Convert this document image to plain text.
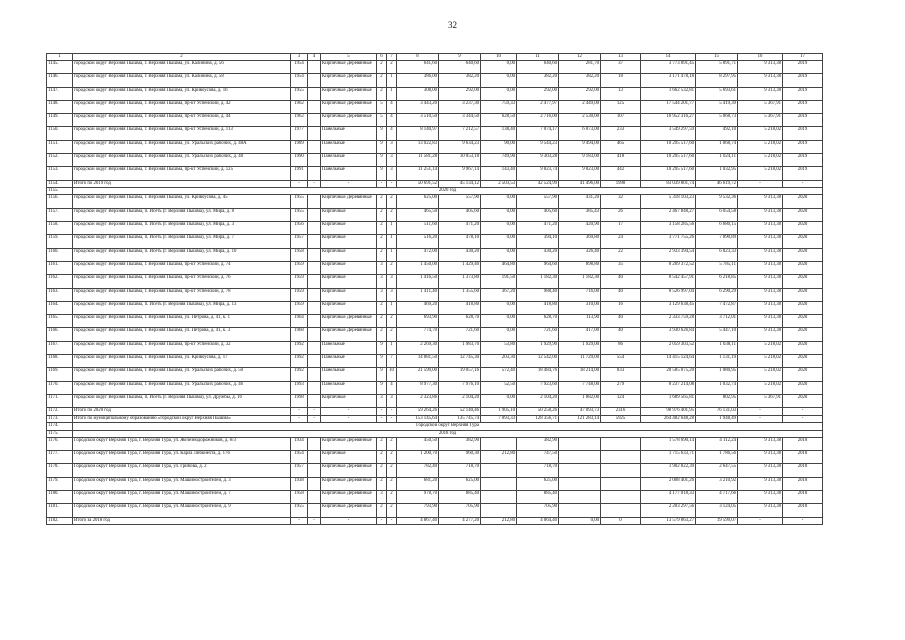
32
1	2	3	4	5	6	7	8	9	10	11	12	13	14	15	16	17
1145.	городской округ Верхняя Пышма, г. Верхняя Пышма, ул. Калинина, д. 56	1954		Кирпичные Деревянные	2	2	641,60	640,60	0,00	640,60	281,70	37	3 773 891,45	5 891,71	9 313,38	2019
1146.	городской округ Верхняя Пышма, г. Верхняя Пышма, ул. Калинина, д. 58	1954		Кирпичные Деревянные	2	1	386,00	382,20	0,00	382,20	382,20	18	3 171 478,18	8 297,95	9 313,38	2019
1147.	городской округ Верхняя Пышма, г. Верхняя Пышма, ул. Кривоусова, д. 16	1955		Кирпичные Деревянные	2	1	308,00	292,00	0,00	292,00	292,00	13	1 662 532,81	5 693,61	9 313,38	2019
1148.	городской округ Верхняя Пышма, г. Верхняя Пышма, пр-кт Успенский, д. 42	1962		Кирпичные Деревянные	5	4	3 443,20	3 237,30	759,33	2 477,97	2 449,00	125	17 544 201,77	5 419,39	5 367,91	2019
1149.	городской округ Верхняя Пышма, г. Верхняя Пышма, пр-кт Успенский, д. 44	1962		Кирпичные Деревянные	5	4	3 510,50	3 344,50	628,50	2 716,00	2 530,00	107	16 952 316,27	5 068,73	5 367,91	2019
1150.	городской округ Верхняя Пышма, г. Верхняя Пышма, пр-кт Успенский, д. 113	1977		Панельные	9	4	8 140,97	7 212,57	138,40	7 074,17	6 873,00	233	3 549 297,59	492,10	5 218,02	2019
1151.	городской округ Верхняя Пышма, г. Верхняя Пышма, ул. Уральских рабочих, д. 48А	1989		Панельные	9	3	13 022,83	9 634,23	90,00	9 544,23	9 494,00	465	10 295 517,60	1 068,74	5 218,02	2019
1152.	городской округ Верхняя Пышма, г. Верхняя Пышма, ул. Уральских рабочих, д. 48	1990		Панельные	9	3	11 581,28	10 053,18	749,90	9 303,28	9 183,00	418	10 295 517,60	1 024,11	5 218,02	2019
1153.	городской округ Верхняя Пышма, г. Верхняя Пышма, пр-кт Успенский, д. 125	1991		Панельные	9	3	11 251,14	9 967,14	143,40	9 823,74	9 823,00	442	10 295 517,60	1 032,95	5 218,02	2019
1154.	Итого по 2019 год	-	-	-	-	-	50 691,52	45 134,12	2 503,53	42 524,99	41 496,00	1998	83 039 801,74	46 619,72	-	-
1155.	2020 год															
1156.	городской округ Верхняя Пышма, г. Верхняя Пышма, ул. Кривоусова, д. 45	1955		Кирпичные Деревянные	2	2	625,00	557,90	0,00	557,90	431,20	32	5 318 103,23	9 532,36	9 313,38	2020
1157.	городской округ Верхняя Пышма, п. Исеть (г. Верхняя Пышма), ул. Мира, д. 8	1955		Кирпичные	2	2	465,50	405,60	0,00	405,60	385,43	26	2 467 848,27	6 054,58	9 313,38	2020
1158.	городской округ Верхняя Пышма, п. Исеть (г. Верхняя Пышма), ул. Мира, д. 3	1956		Кирпичные	2	1	511,60	471,20	0,00	471,20	420,90	17	3 158 285,56	6 680,15	9 313,38	2020
1159.	городской округ Верхняя Пышма, п. Исеть (г. Верхняя Пышма), ул. Мира, д. 7	1957		Кирпичные	2	1	516,20	478,10	0,00	394,10	369,80	24	3 771 755,26	7 890,89	9 313,38	2020
1160.	городской округ Верхняя Пышма, п. Исеть (г. Верхняя Пышма), ул. Мира, д. 10	1958		Кирпичные	2	1	472,00	430,20	0,00	430,20	326,40	22	2 933 394,54	6 823,33	9 313,38	2020
1161.	городской округ Верхняя Пышма, г. Верхняя Пышма, пр-кт Успенский, д. 74	1959		Кирпичные	3	2	1 450,00	1 429,40	464,80	964,60	898,80	35	8 269 372,52	5 785,11	9 313,38	2020
1162.	городской округ Верхняя Пышма, г. Верхняя Пышма, пр-кт Успенский, д. 76	1959		Кирпичные	3	3	1 416,50	1 373,80	191,50	1 182,30	1 182,30	40	8 542 457,91	6 218,85	9 313,38	2020
1163.	городской округ Верхняя Пышма, г. Верхняя Пышма, пр-кт Успенский, д. 78	1959		Кирпичные	3	3	1 411,40	1 355,60	367,20	988,40	716,00	40	8 526 997,04	6 290,29	9 313,38	2020
1164.	городской округ Верхняя Пышма, п. Исеть (г. Верхняя Пышма), ул. Мира, д. 13	1959		Кирпичные	2	1	469,20	418,80	0,00	418,80	310,00	16	3 129 638,45	7 472,87	9 313,38	2020
1165.	городской округ Верхняя Пышма, г. Верхняя Пышма, ул. Петрова, д. 41, к. 1	1964		Кирпичные Деревянные	2	2	693,90	628,70	0,00	628,70	113,90	40	2 333 759,28	3 712,01	9 313,38	2020
1166.	городской округ Верхняя Пышма, г. Верхняя Пышма, ул. Петрова, д. 41, к. 3	1968		Кирпичные Деревянные	2	2	774,70	721,60	0,00	721,60	417,00	40	3 930 626,84	5 447,10	9 313,38	2020
1167.	городской округ Верхняя Пышма, г. Верхняя Пышма, пр-кт Успенский, д. 32	1992		Панельные	9	1	2 269,30	1 983,70	53,80	1 929,90	1 929,00	86	2 059 303,52	1 038,11	5 218,02	2020
1168.	городской округ Верхняя Пышма, г. Верхняя Пышма, ул. Кривоусова, д. 17	1992		Панельные	9	7	14 881,50	12 745,30	203,30	12 542,00	11 729,00	554	14 415 124,64	1 131,19	5 218,02	2020
1169.	городской округ Верхняя Пышма, г. Верхняя Пышма, ул. Уральских рабочих, д. 50	1992		Панельные	9	10	21 599,00	19 057,16	572,40	18 484,76	18 214,00	833	20 585 075,20	1 080,95	5 218,02	2020
1170.	городской округ Верхняя Пышма, г. Верхняя Пышма, ул. Уральских рабочих, д. 46	1993		Панельные	9	4	8 977,30	7 976,10	52,50	7 923,60	7 748,00	279	8 237 214,08	1 032,74	5 218,02	2020
1171.	городской округ Верхняя Пышма, п. Исеть (г. Верхняя Пышма), ул. Дружбы, д. 16	1998		Кирпичные	3	3	2 323,86	2 104,20	0,00	2 104,20	1 882,00	124	1 689 565,81	802,95	5 367,91	2020
1172.	Итого по 2020 год	-	-	-	-	-	59 264,26	52 140,46	1 905,10	50 258,26	47 093,73	2316	98 976 401,95	76 131,03	-	-
1173.	Итого по муниципальному образованию «городской округ Верхняя Пышма»	-	-	-	-	-	153 145,64	135 745,74	7 093,33	128 356,71	121 283,14	5925	264 482 648,28	1 948,49	-	-
1174.	Городской округ Верхняя Тура															
1175.	2018 год															
1176.	Городской округ Верхняя Тура, г. Верхняя Тура, ул. Железнодорожников, д. 6/3	1934		Кирпичные Деревянные	2	2	450,50	382,90		382,90			1 578 690,14	4 112,24	9 313,38	2018
1177.	Городской округ Верхняя Тура, г. Верхняя Тура, ул. Карла Либкнехта, д. 176	1954		Кирпичные	2	2	1 200,70	960,30	212,80	747,50			1 715 633,71	1 786,56	9 313,38	2018
1178.	Городской округ Верхняя Тура, г. Верхняя Тура, ул. Грибова, д. 2	1957		Кирпичные Деревянные	2	2	782,40	718,70		718,70			1 902 822,39	2 647,55	9 313,38	2018
1179.	Городской округ Верхняя Тура, г. Верхняя Тура, ул. Машиностроителей, д. 3	1938		Кирпичные Деревянные	2	2	681,20	625,00		625,00			2 008 401,26	3 210,92	9 313,38	2018
1180.	Городской округ Верхняя Тура, г. Верхняя Тура, ул. Машиностроителей, д. 7	1958		Кирпичные Деревянные	3	2	978,70	885,40		885,40			4 177 018,33	4 717,66	9 313,38	2018
1181.	Городской округ Верхняя Тура, г. Верхняя Тура, ул. Машиностроителей, д. 9	1955		Кирпичные Деревянные	2	2	793,90	705,90		705,90			2 203 297,56	3 124,05	9 313,38	2018
1182.	Итого за 2018 год	-	-	-	-	-	4 867,40	4 277,20	212,80	4 064,40	0,00	0	13 579 863,27	19 599,07	-	-
